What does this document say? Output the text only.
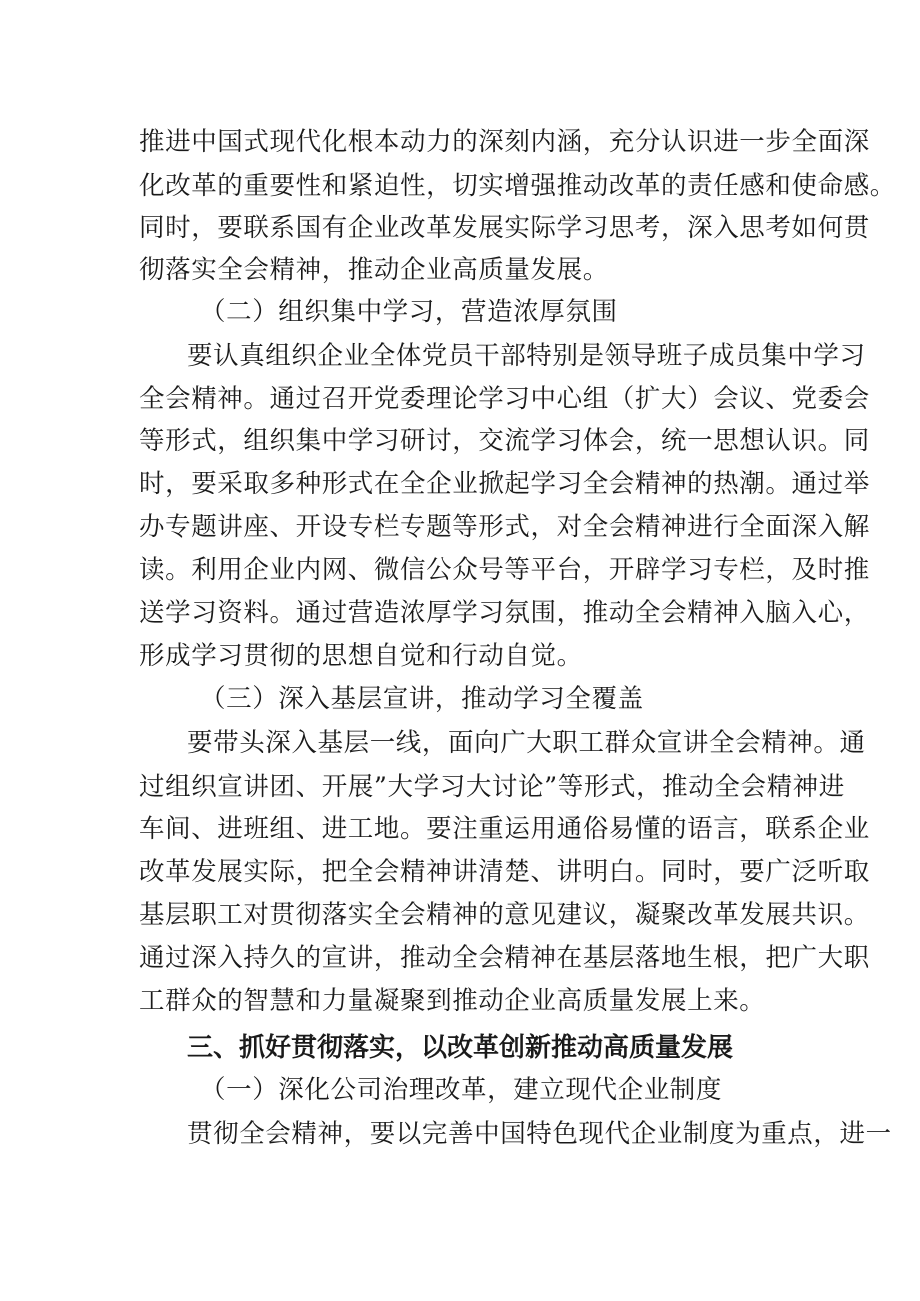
推进中国式现代化根本动力的深刻内涵，充分认识进一步全面深
化改革的重要性和紧迫性，切实增强推动改革的责任感和使命感。
同时，要联系国有企业改革发展实际学习思考，深入思考如何贯
彻落实全会精神，推动企业高质量发展。
（二）组织集中学习，营造浓厚氛围
要认真组织企业全体党员干部特别是领导班子成员集中学习
全会精神。通过召开党委理论学习中心组（扩大）会议、党委会
等形式，组织集中学习研讨，交流学习体会，统一思想认识。同
时，要采取多种形式在全企业掀起学习全会精神的热潮。通过举
办专题讲座、开设专栏专题等形式，对全会精神进行全面深入解
读。利用企业内网、微信公众号等平台，开辟学习专栏，及时推
送学习资料。通过营造浓厚学习氛围，推动全会精神入脑入心，
形成学习贯彻的思想自觉和行动自觉。
（三）深入基层宣讲，推动学习全覆盖
要带头深入基层一线，面向广大职工群众宣讲全会精神。通
过组织宣讲团、开展”大学习大讨论”等形式，推动全会精神进
车间、进班组、进工地。要注重运用通俗易懂的语言，联系企业
改革发展实际，把全会精神讲清楚、讲明白。同时，要广泛听取
基层职工对贯彻落实全会精神的意见建议，凝聚改革发展共识。
通过深入持久的宣讲，推动全会精神在基层落地生根，把广大职
工群众的智慧和力量凝聚到推动企业高质量发展上来。
三、抓好贯彻落实，以改革创新推动高质量发展
（一）深化公司治理改革，建立现代企业制度
贯彻全会精神，要以完善中国特色现代企业制度为重点，进一
